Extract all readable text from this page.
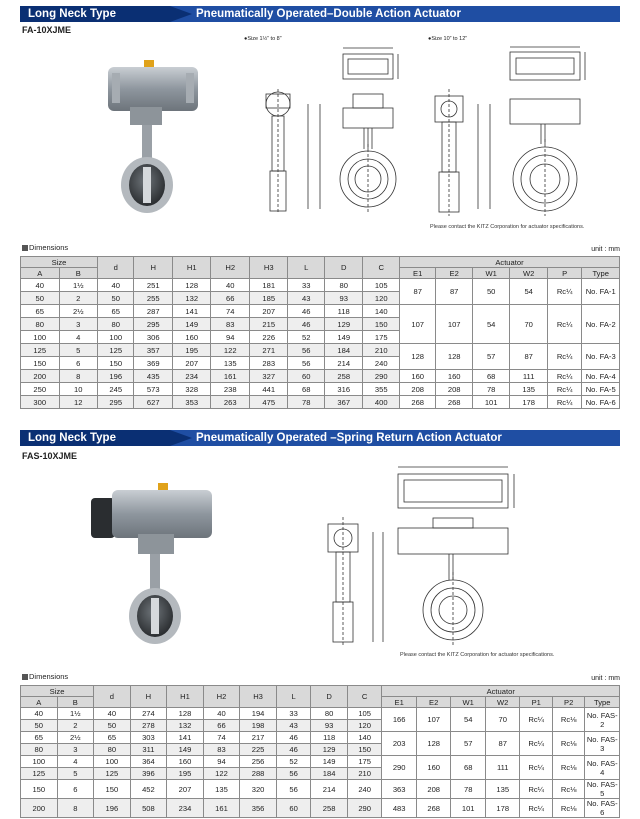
Long Neck Type	Pneumatically Operated–Double Action Actuator
FA-10XJME
●Size 1½” to 8”	●Size 10” to 12”
Please contact the KITZ Corporation for actuator specifications.
Dimensions	unit : mm
Size		d	H	H1	H2	H3	L	D	C	Actuator					
A	B									E1	E2	W1	W2	P	Type
40	1½	40	251	128	40	181	33	80	105	87	87	50	54	Rc¼	No. FA-1
50	2	50	255	132	66	185	43	93	120						
65	2½	65	287	141	74	207	46	118	140	107	107	54	70	Rc¼	No. FA-2
80	3	80	295	149	83	215	46	129	150						
100	4	100	306	160	94	226	52	149	175						
125	5	125	357	195	122	271	56	184	210	128	128	57	87	Rc¼	No. FA-3
150	6	150	369	207	135	283	56	214	240						
200	8	196	435	234	161	327	60	258	290	160	160	68	111	Rc¼	No. FA-4
250	10	245	573	328	238	441	68	316	355	208	208	78	135	Rc¼	No. FA-5
300	12	295	627	353	263	475	78	367	400	268	268	101	178	Rc¼	No. FA-6
Long Neck Type	Pneumatically Operated –Spring Return Action Actuator
FAS-10XJME
Please contact the KITZ Corporation for actuator specifications.
Dimensions	unit : mm
Size		d	H	H1	H2	H3	L	D	C	Actuator						
A	B									E1	E2	W1	W2	P1	P2	Type
40	1½	40	274	128	40	194	33	80	105	166	107	54	70	Rc¼	Rc⅛	No. FAS-2
50	2	50	278	132	66	198	43	93	120							
65	2½	65	303	141	74	217	46	118	140	203	128	57	87	Rc¼	Rc⅛	No. FAS-3
80	3	80	311	149	83	225	46	129	150							
100	4	100	364	160	94	256	52	149	175	290	160	68	111	Rc¼	Rc⅛	No. FAS-4
125	5	125	396	195	122	288	56	184	210							
150	6	150	452	207	135	320	56	214	240	363	208	78	135	Rc¼	Rc⅛	No. FAS-5
200	8	196	508	234	161	356	60	258	290	483	268	101	178	Rc¼	Rc⅛	No. FAS-6
